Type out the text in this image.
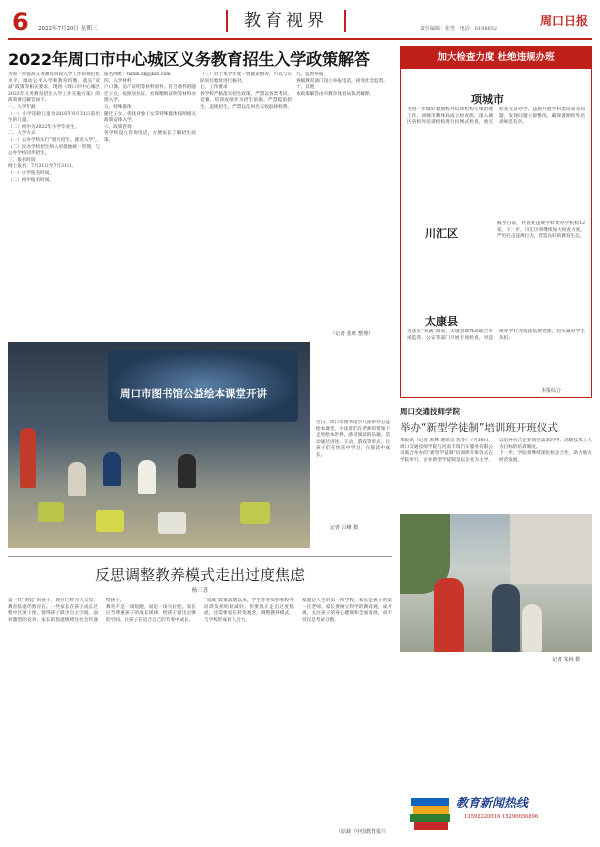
6 2022年7月20日 星期三	教育视界	责任编辑：张男 电话：6198852
周口日报
2022年周口市中心城区义务教育招生入学政策解答
为进一步提高义务教育阶段入学工作的规范化水平，推动公平入学和教育均衡，落实“双减”政策等相关要求，现将《周口市中心城区2022年义务教育招生入学工作实施方案》的政策要点解答如下。
一、入学年龄
（一）小学适龄儿童为2016年8月31日前出生的儿童。
（二）初中为2022年小学毕业生。
二、入学方式
（一）公办学校实行“划片招生、就近入学”。
（二）民办学校招生纳入审批地统一管理，与公办学校同步招生。
三、报名时间
网上报名：7月21日至7月31日。
（一）小学报名时间。
（二）初中报名时间。
报名网址：hsbm.zkjyjkzx.com
四、入学材料
户口簿、房产证明等材料原件。符合条件的随迁子女，按照居住证、社保缴纳证明等材料办理入学。
五、特殊群体
随迁子女、优抚对象子女等特殊群体按照相关政策安排入学。
六、政策咨询
各学校设立咨询电话，方便家长了解招生政策。
（三）对于本学年度一致就读情况，可以与实际居住地址进行核对。
七、工作要求
各学校严格落实招生政策，严禁以各类考试、竞赛、培训成绩作为招生依据。严禁提前招生、违规招生。严禁以任何名义收取择校费。
九、监督举报
各级教育部门设立举报电话，接受社会监督。
十、其他
本政策解答由市教育体育局负责解释。
（记者 张旺 整理）
周口市图书馆公益绘本课堂开讲
近日，周口市图书馆少儿部举办公益绘本课堂，小读者们在老师的带领下走进绘本世界，感受阅读的乐趣。活动通过讲述、互动、游戏等形式，让孩子们在快乐中学习，在阅读中成长。
记者 吕峰 摄
反思调整教养模式走出过度焦虑
杨三喜
第一代“鸡娃”的孩子，现在已经为人父母，教育焦虑仍然存在。一些家长在孩子成长过程中过度干预，使得孩子缺少自主空间。面对激烈的竞争，家长的焦虑情绪往往会传递给孩子。
教育不是一场短跑，而是一场马拉松。家长应当尊重孩子的成长规律，给孩子留出足够的空间，让孩子在适合自己的节奏中成长。
“双减”政策落地以来，学生作业负担和校外培训负担明显减轻。但要真正走出过度焦虑，还需要家长转变观念，调整教养模式，与学校形成育人合力。
家庭是人生的第一所学校，家长是孩子的第一任老师。家长要树立科学的教育观、成才观，关注孩子的身心健康和全面发展，而不仅仅是考试分数。
（原载《中国教育报》）
加大检查力度 杜绝违规办班
项城市
为进一步做好暑期校外培训机构专项治理工作，项城市教体局成立检查组，深入城区各校外培训机构进行拉网式检查，重点检查无证办学、违规开展学科类培训等问题，发现问题立即整改，确保暑期校外培训规范有序。
川汇区
截至目前，共查处违规学科类办学机构12家，下一步，川汇区将继续加大检查力度，严厉打击违规行为，营造良好的教育生态。
太康县
为落实“双减”政策，太康县教体局联合市场监管、公安等部门开展专项检查，对违规办学行为依法依规处理，切实减轻学生负担。
本报综合
周口交通技师学院
举办“新型学徒制”培训班开班仪式
本报讯（记者 朱林 通讯员 焦冬）7月16日，周口交通技师学院与河南丰瑞汽车服务有限公司联合举办的“新型学徒制”培训班开班仪式在学院举行。企业新型学徒制是以企业为主导，以培养符合企业岗位需求的中、高级技术工人为目标的培训制度。
下一步，学院将继续深化校企合作，助力地方经济发展。
记者 朱林 摄
教育新闻热线
13592220016 15290656896
